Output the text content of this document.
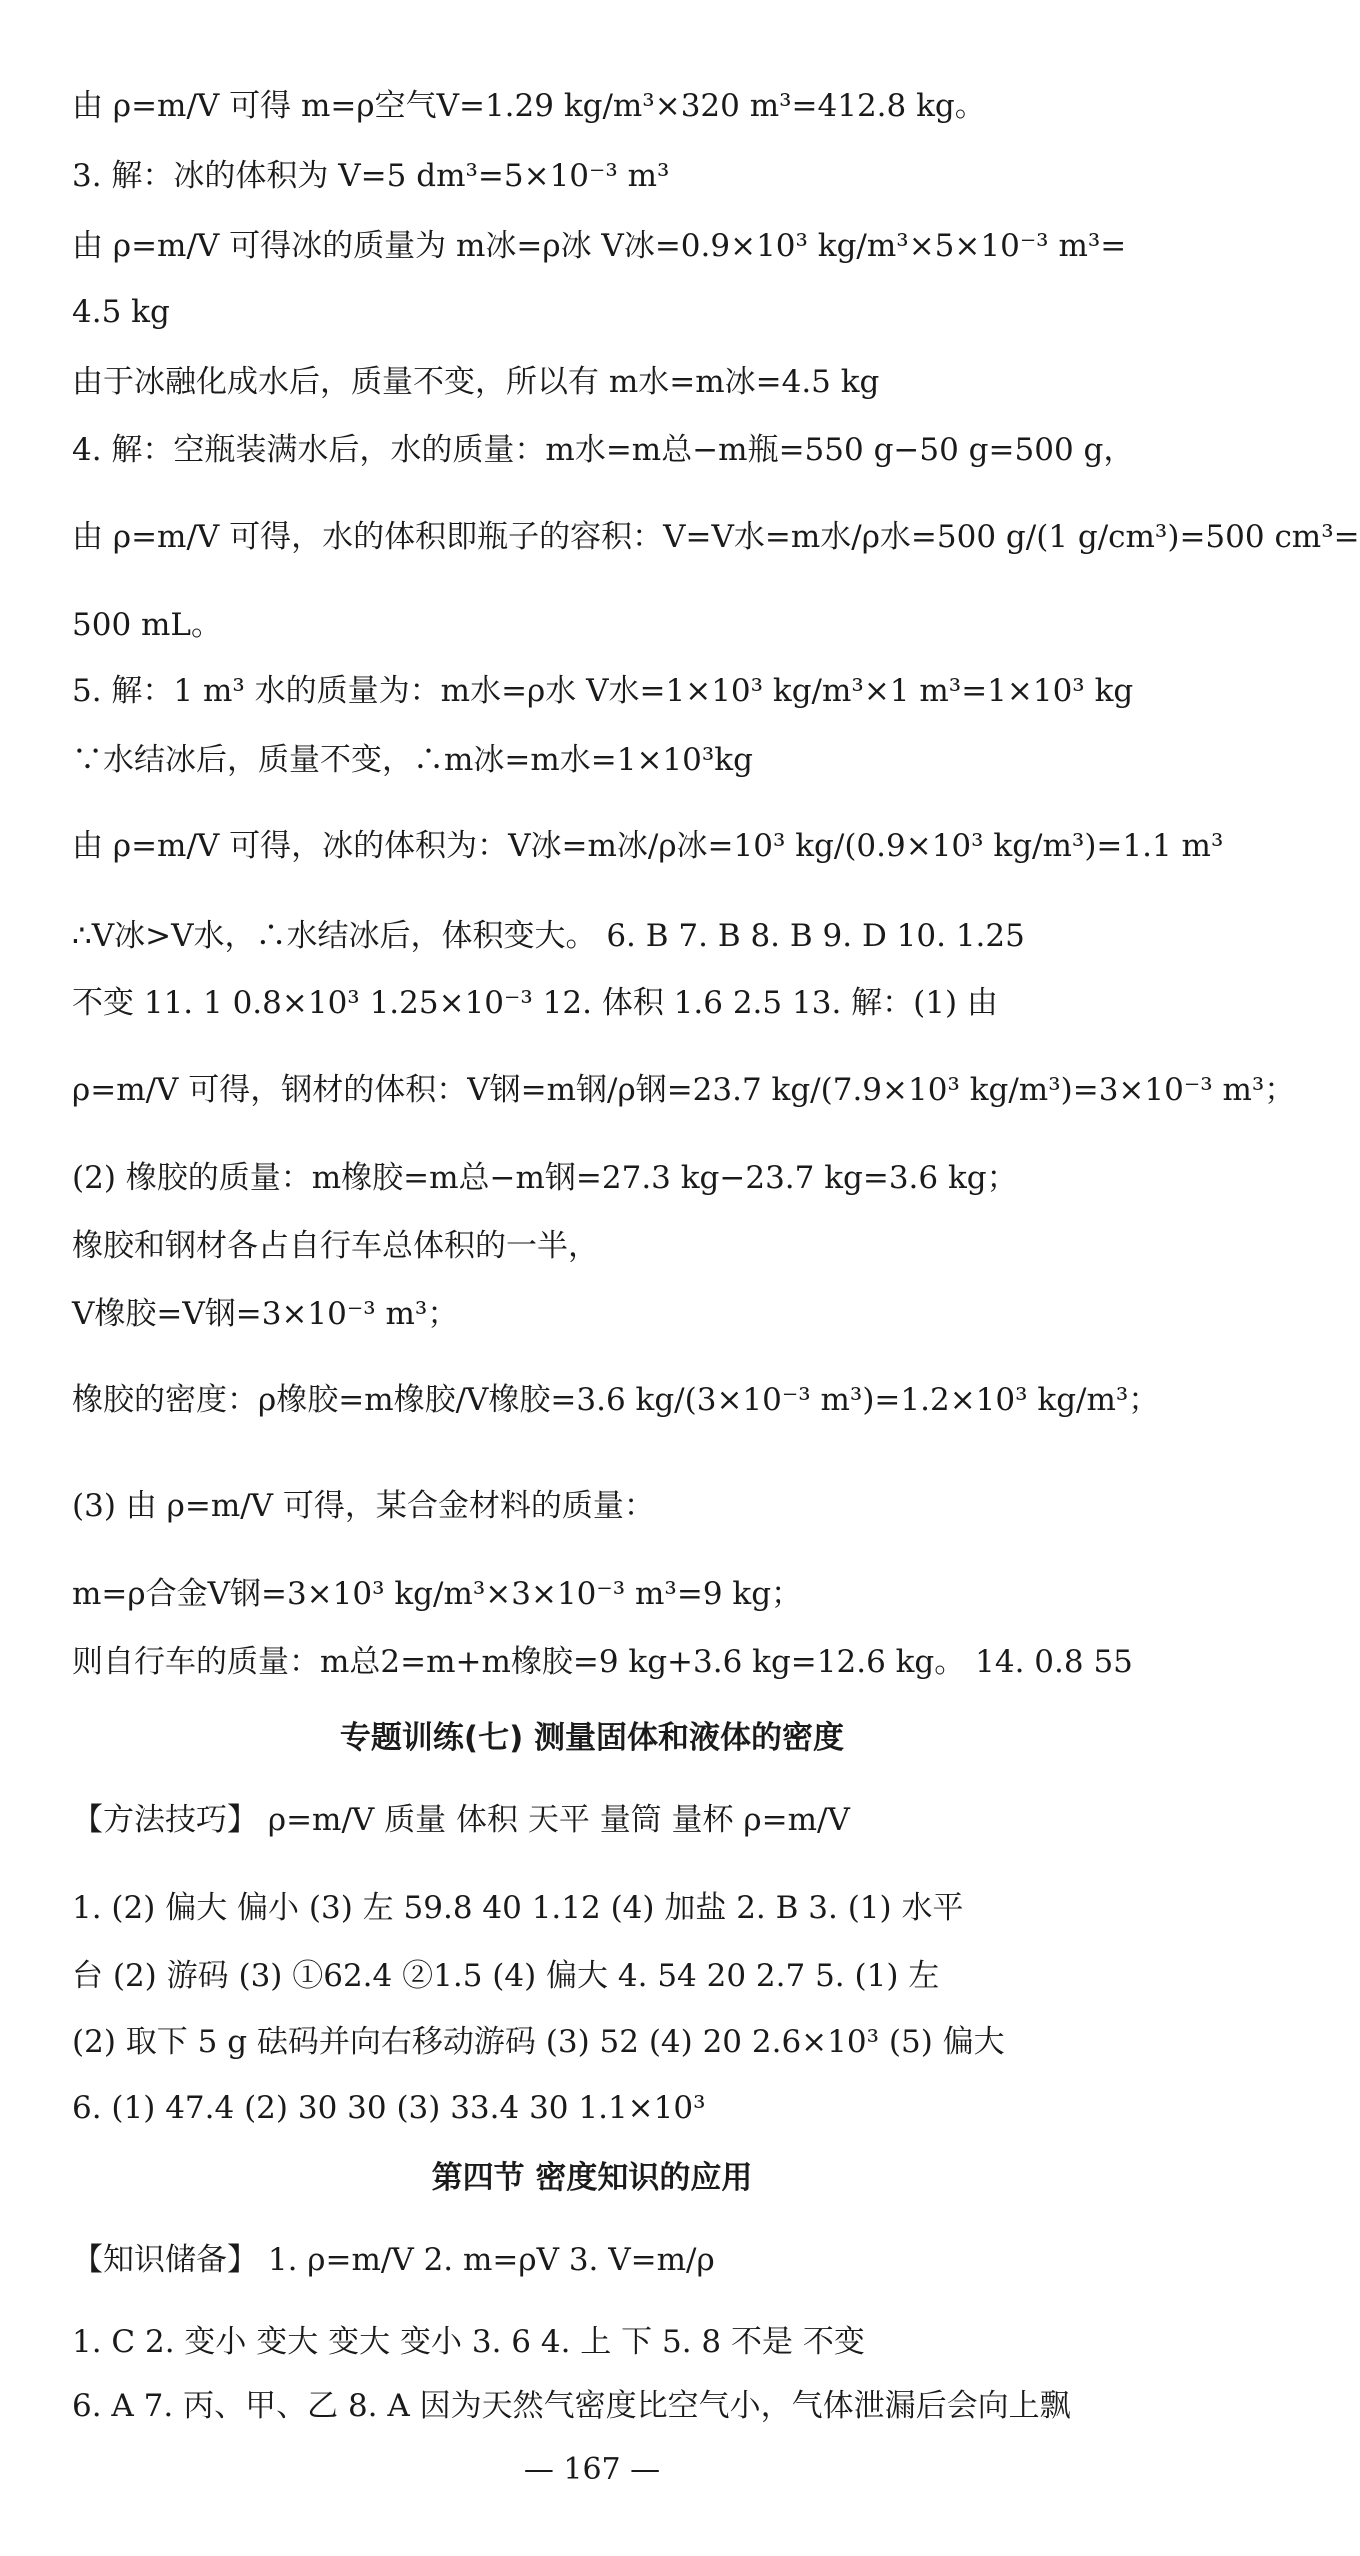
由 ρ=m/V 可得 m=ρ空气V=1.29 kg/m³×320 m³=412.8 kg。
3. 解：冰的体积为 V=5 dm³=5×10⁻³ m³
由 ρ=m/V 可得冰的质量为 m冰=ρ冰 V冰=0.9×10³ kg/m³×5×10⁻³ m³=
4.5 kg
由于冰融化成水后，质量不变，所以有 m水=m冰=4.5 kg
4. 解：空瓶装满水后，水的质量：m水=m总−m瓶=550 g−50 g=500 g，
由 ρ=m/V 可得，水的体积即瓶子的容积：V=V水=m水/ρ水=500 g/(1 g/cm³)=500 cm³=
500 mL。
5. 解：1 m³ 水的质量为：m水=ρ水 V水=1×10³ kg/m³×1 m³=1×10³ kg
∵水结冰后，质量不变，∴m冰=m水=1×10³kg
由 ρ=m/V 可得，冰的体积为：V冰=m冰/ρ冰=10³ kg/(0.9×10³ kg/m³)=1.1 m³
∴V冰>V水，∴水结冰后，体积变大。 6. B 7. B 8. B 9. D 10. 1.25
不变 11. 1 0.8×10³ 1.25×10⁻³ 12. 体积 1.6 2.5 13. 解：(1) 由
ρ=m/V 可得，钢材的体积：V钢=m钢/ρ钢=23.7 kg/(7.9×10³ kg/m³)=3×10⁻³ m³；
(2) 橡胶的质量：m橡胶=m总−m钢=27.3 kg−23.7 kg=3.6 kg；
橡胶和钢材各占自行车总体积的一半，
V橡胶=V钢=3×10⁻³ m³；
橡胶的密度：ρ橡胶=m橡胶/V橡胶=3.6 kg/(3×10⁻³ m³)=1.2×10³ kg/m³；
(3) 由 ρ=m/V 可得，某合金材料的质量：
m=ρ合金V钢=3×10³ kg/m³×3×10⁻³ m³=9 kg；
则自行车的质量：m总2=m+m橡胶=9 kg+3.6 kg=12.6 kg。 14. 0.8 55
专题训练(七) 测量固体和液体的密度
【方法技巧】 ρ=m/V 质量 体积 天平 量筒 量杯 ρ=m/V
1. (2) 偏大 偏小 (3) 左 59.8 40 1.12 (4) 加盐 2. B 3. (1) 水平
台 (2) 游码 (3) ①62.4 ②1.5 (4) 偏大 4. 54 20 2.7 5. (1) 左
(2) 取下 5 g 砝码并向右移动游码 (3) 52 (4) 20 2.6×10³ (5) 偏大
6. (1) 47.4 (2) 30 30 (3) 33.4 30 1.1×10³
第四节 密度知识的应用
【知识储备】 1. ρ=m/V 2. m=ρV 3. V=m/ρ
1. C 2. 变小 变大 变大 变小 3. 6 4. 上 下 5. 8 不是 不变
6. A 7. 丙、甲、乙 8. A 因为天然气密度比空气小，气体泄漏后会向上飘
— 167 —
